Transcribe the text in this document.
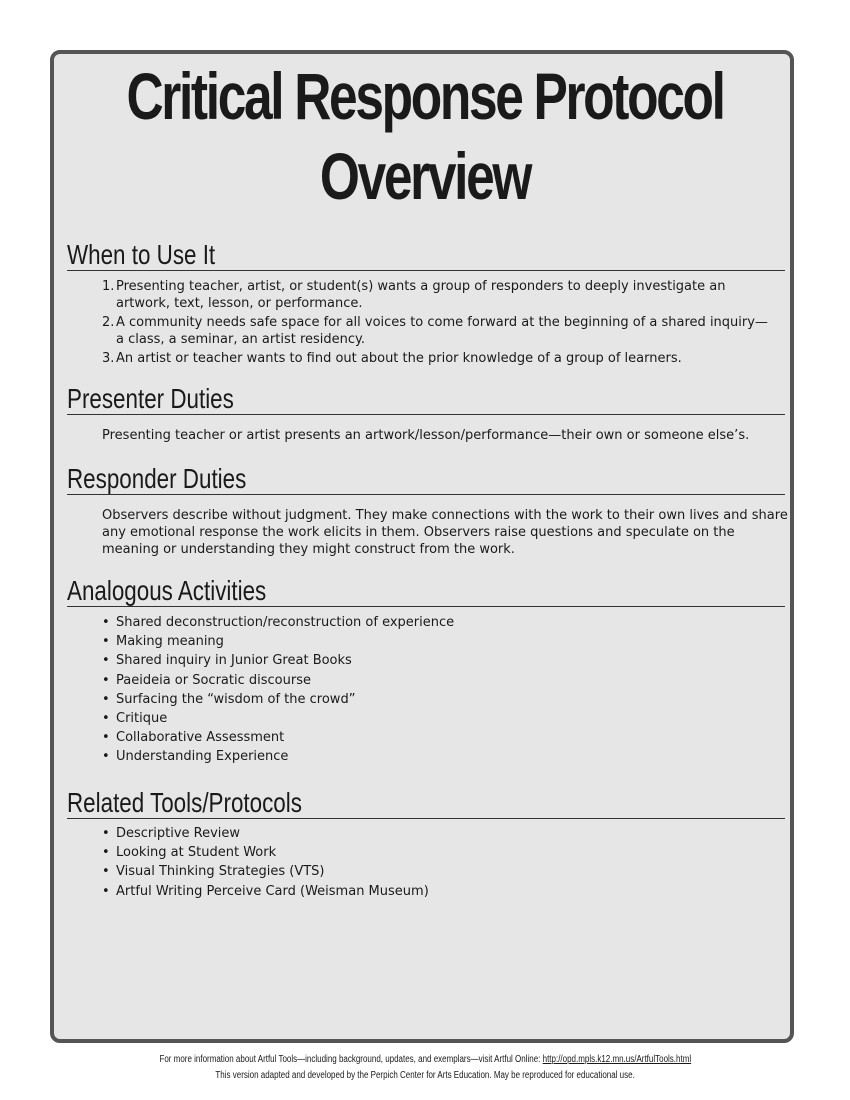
Critical Response Protocol
Overview
When to Use It
1. Presenting teacher, artist, or student(s) wants a group of responders to deeply investigate an artwork, text, lesson, or performance.
2. A community needs safe space for all voices to come forward at the beginning of a shared inquiry—a class, a seminar, an artist residency.
3. An artist or teacher wants to find out about the prior knowledge of a group of learners.
Presenter Duties
Presenting teacher or artist presents an artwork/lesson/performance—their own or someone else’s.
Responder Duties
Observers describe without judgment. They make connections with the work to their own lives and share any emotional response the work elicits in them. Observers raise questions and speculate on the meaning or understanding they might construct from the work.
Analogous Activities
• Shared deconstruction/reconstruction of experience
• Making meaning
• Shared inquiry in Junior Great Books
• Paeideia or Socratic discourse
• Surfacing the “wisdom of the crowd”
• Critique
• Collaborative Assessment
• Understanding Experience
Related Tools/Protocols
• Descriptive Review
• Looking at Student Work
• Visual Thinking Strategies (VTS)
• Artful Writing Perceive Card (Weisman Museum)
For more information about Artful Tools—including background, updates, and exemplars—visit Artful Online: http://opd.mpls.k12.mn.us/ArtfulTools.html
This version adapted and developed by the Perpich Center for Arts Education. May be reproduced for educational use.
